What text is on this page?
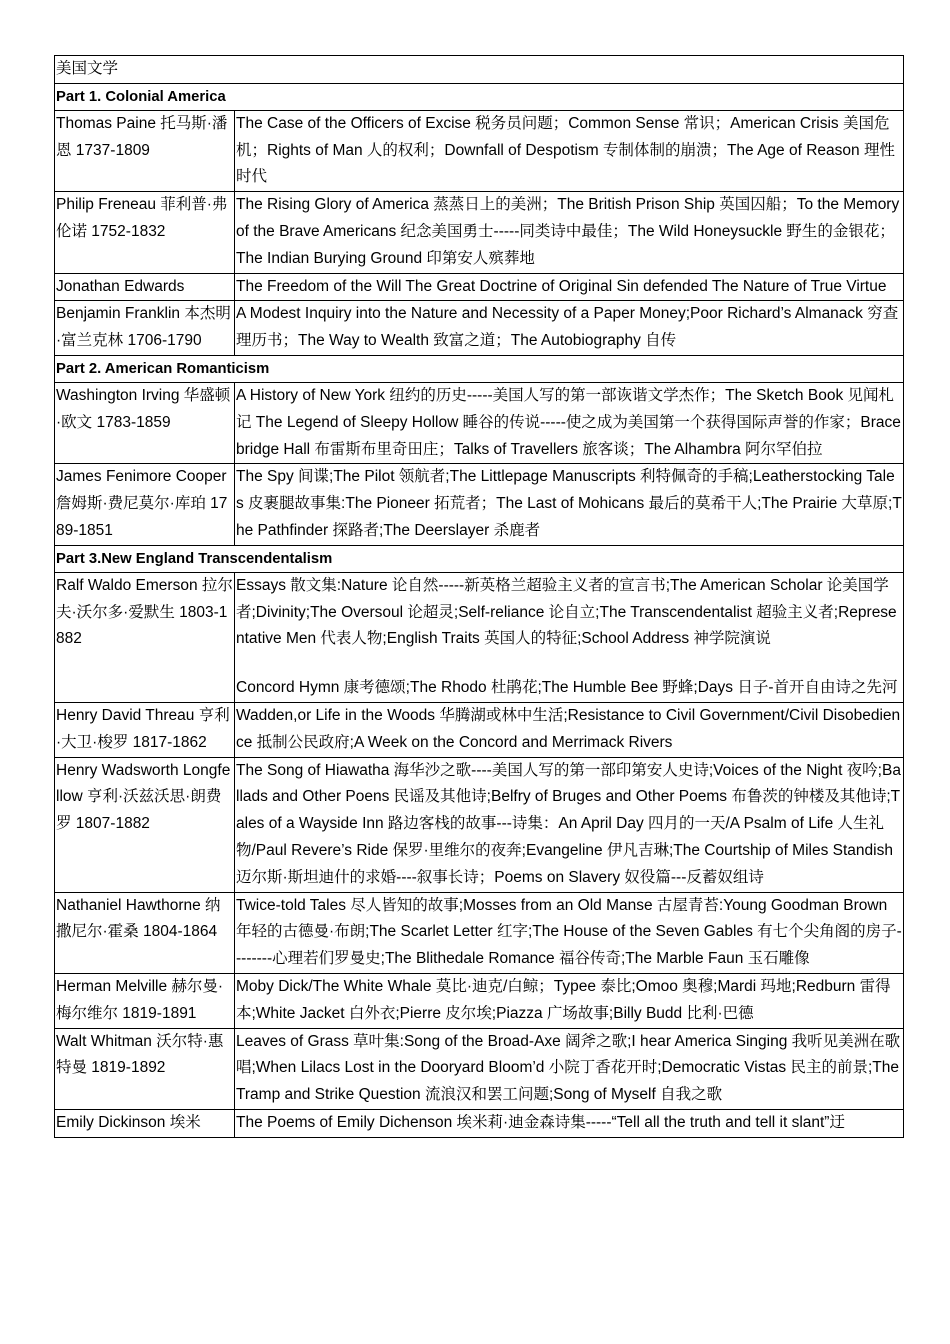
美国文学	
Part 1. Colonial America	
Thomas Paine 托马斯·潘恩 1737-1809	The Case of the Officers of Excise 税务员问题；Common Sense 常识；American Crisis 美国危机；Rights of Man 人的权利；Downfall of Despotism 专制体制的崩溃；The Age of Reason 理性时代
Philip Freneau 菲利普·弗伦诺 1752-1832	The Rising Glory of America 蒸蒸日上的美洲；The British Prison Ship 英国囚船；To the Memory of the Brave Americans 纪念美国勇士-----同类诗中最佳；The Wild Honeysuckle 野生的金银花；The Indian Burying Ground 印第安人殡葬地
Jonathan Edwards	The Freedom of the Will The Great Doctrine of Original Sin defended The Nature of True Virtue
Benjamin Franklin 本杰明·富兰克林 1706-1790	A Modest Inquiry into the Nature and Necessity of a Paper Money;Poor Richard’s Almanack 穷查理历书；The Way to Wealth 致富之道；The Autobiography 自传
Part 2. American Romanticism	
Washington Irving 华盛顿·欧文 1783-1859	A History of New York 纽约的历史-----美国人写的第一部诙谐文学杰作；The Sketch Book 见闻札记 The Legend of Sleepy Hollow 睡谷的传说-----使之成为美国第一个获得国际声誉的作家；Bracebridge Hall 布雷斯布里奇田庄；Talks of Travellers 旅客谈；The Alhambra 阿尔罕伯拉
James Fenimore Cooper 詹姆斯·费尼莫尔·库珀 1789-1851	The Spy 间谍;The Pilot 领航者;The Littlepage Manuscripts 利特佩奇的手稿;Leatherstocking Tales 皮裹腿故事集:The Pioneer 拓荒者；The Last of Mohicans 最后的莫希干人;The Prairie 大草原;The Pathfinder 探路者;The Deerslayer 杀鹿者
Part 3.New England Transcendentalism	
Ralf Waldo Emerson 拉尔夫·沃尔多·爱默生 1803-1882	Essays 散文集:Nature 论自然-----新英格兰超验主义者的宣言书;The American Scholar 论美国学者;Divinity;The Oversoul 论超灵;Self-reliance 论自立;The Transcendentalist 超验主义者;Representative Men 代表人物;English Traits 英国人的特征;School Address 神学院演说
Concord Hymn 康考德颂;The Rhodo 杜鹃花;The Humble Bee 野蜂;Days 日子-首开自由诗之先河
Henry David Threau 亨利·大卫·梭罗 1817-1862	Wadden,or Life in the Woods 华腾湖或林中生活;Resistance to Civil Government/Civil Disobedience 抵制公民政府;A Week on the Concord and Merrimack Rivers
Henry Wadsworth Longfellow 亨利·沃兹沃思·朗费罗 1807-1882	The Song of Hiawatha 海华沙之歌----美国人写的第一部印第安人史诗;Voices of the Night 夜吟;Ballads and Other Poens 民谣及其他诗;Belfry of Bruges and Other Poems 布鲁茨的钟楼及其他诗;Tales of a Wayside Inn 路边客栈的故事---诗集：An April Day 四月的一天/A Psalm of Life 人生礼物/Paul Revere’s Ride 保罗·里维尔的夜奔;Evangeline 伊凡吉琳;The Courtship of Miles Standish 迈尔斯·斯坦迪什的求婚----叙事长诗；Poems on Slavery 奴役篇---反蓄奴组诗
Nathaniel Hawthorne 纳撒尼尔·霍桑 1804-1864	Twice-told Tales 尽人皆知的故事;Mosses from an Old Manse 古屋青苔:Young Goodman Brown 年轻的古德曼·布朗;The Scarlet Letter 红字;The House of the Seven Gables 有七个尖角阁的房子--------心理若们罗曼史;The Blithedale Romance 福谷传奇;The Marble Faun 玉石雕像
Herman Melville 赫尔曼·梅尔维尔 1819-1891	Moby Dick/The White Whale 莫比·迪克/白鲸；Typee 泰比;Omoo 奥穆;Mardi 玛地;Redburn 雷得本;White Jacket 白外衣;Pierre 皮尔埃;Piazza 广场故事;Billy Budd 比利·巴德
Walt Whitman 沃尔特·惠特曼 1819-1892	Leaves of Grass 草叶集:Song of the Broad-Axe 阔斧之歌;I hear America Singing 我听见美洲在歌唱;When Lilacs Lost in the Dooryard Bloom’d 小院丁香花开时;Democratic Vistas 民主的前景;The Tramp and Strike Question 流浪汉和罢工问题;Song of Myself 自我之歌
Emily Dickinson 埃米	The Poems of Emily Dichenson 埃米莉·迪金森诗集-----“Tell all the truth and tell it slant”迂
